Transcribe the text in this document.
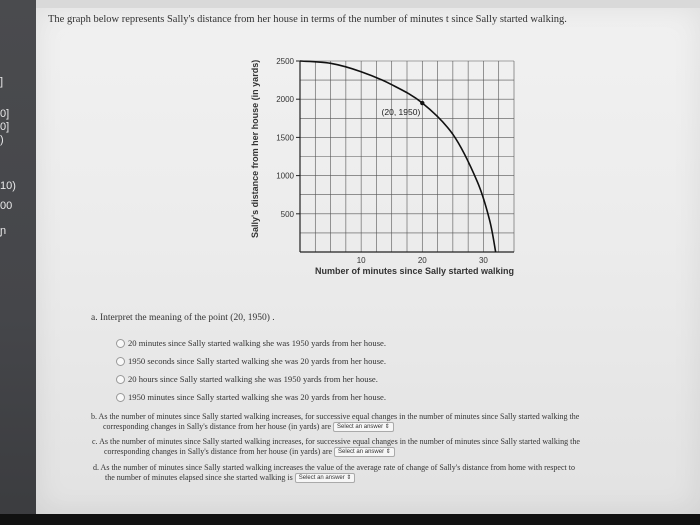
]
0]
0]
)
10)
00
ɲ
The graph below represents Sally's distance from her house in terms of the number of minutes t since Sally started walking.
2500
2000
1500
1000
500
10	20	30
(20, 1950)
Sally's distance from her house (in yards)
Number of minutes since Sally started walking
a. Interpret the meaning of the point (20, 1950) .
20 minutes since Sally started walking she was 1950 yards from her house.
1950 seconds since Sally started walking she was 20 yards from her house.
20 hours since Sally started walking she was 1950 yards from her house.
1950 minutes since Sally started walking she was 20 yards from her house.
b. As the number of minutes since Sally started walking increases, for successive equal changes in the number of minutes since Sally started walking the
corresponding changes in Sally's distance from her house (in yards) are Select an answer ⇕
c. As the number of minutes since Sally started walking increases, for successive equal changes in the number of minutes since Sally started walking the
corresponding changes in Sally's distance from her house (in yards) are Select an answer ⇕
d. As the number of minutes since Sally started walking increases the value of the average rate of change of Sally's distance from home with respect to
the number of minutes elapsed since she started walking is Select an answer ⇕
